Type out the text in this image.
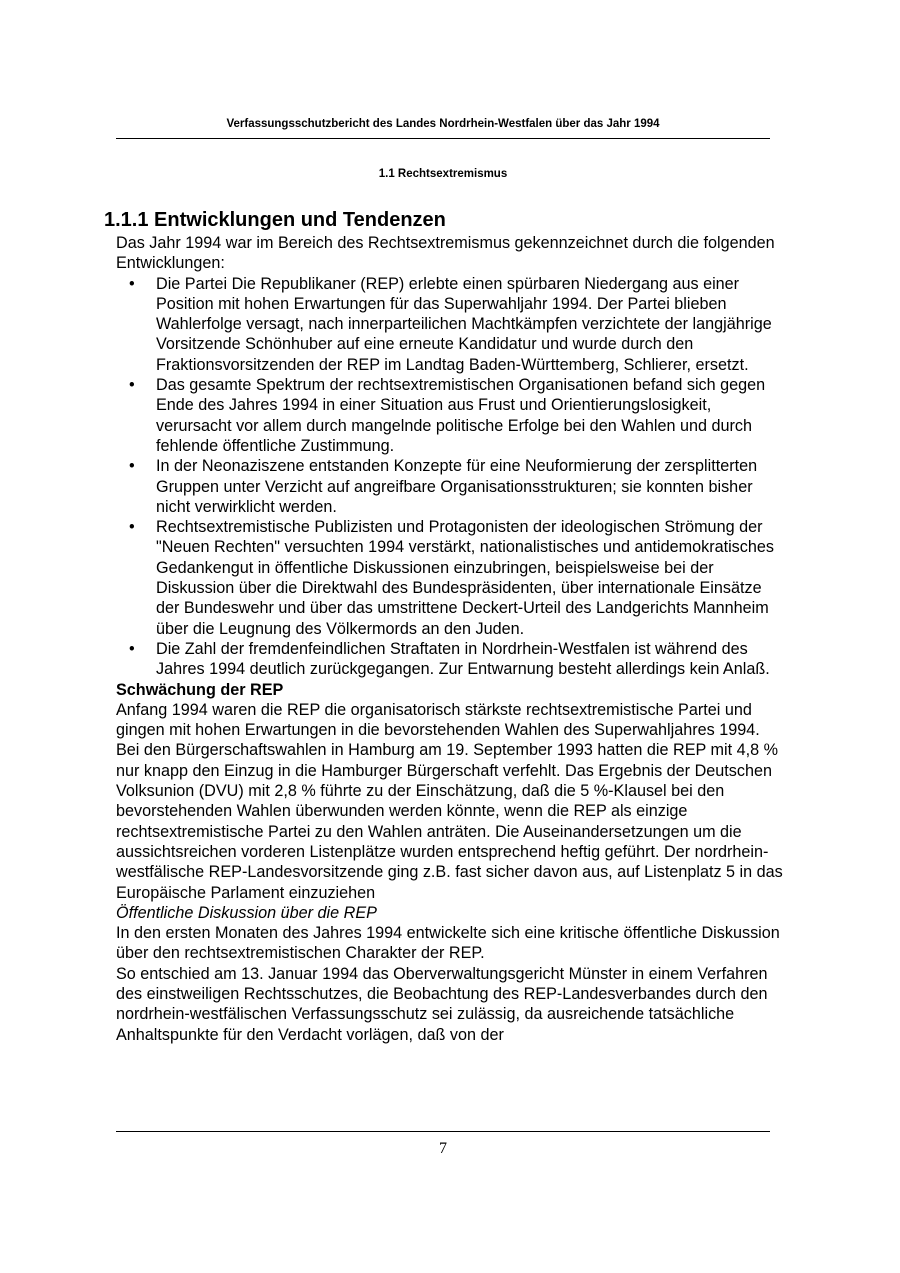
Verfassungsschutzbericht des Landes Nordrhein-Westfalen über das Jahr 1994
1.1 Rechtsextremismus
1.1.1 Entwicklungen und Tendenzen

Das Jahr 1994 war im Bereich des Rechtsextremismus gekennzeichnet durch die folgenden Entwicklungen:

• Die Partei Die Republikaner (REP) erlebte einen spürbaren Niedergang aus einer Position mit hohen Erwartungen für das Superwahljahr 1994. Der Partei blieben Wahlerfolge versagt, nach innerparteilichen Machtkämpfen verzichtete der langjährige Vorsitzende Schönhuber auf eine erneute Kandidatur und wurde durch den Fraktionsvorsitzenden der REP im Landtag Baden-Württemberg, Schlierer, ersetzt.
• Das gesamte Spektrum der rechtsextremistischen Organisationen befand sich gegen Ende des Jahres 1994 in einer Situation aus Frust und Orientierungslosigkeit, verursacht vor allem durch mangelnde politische Erfolge bei den Wahlen und durch fehlende öffentliche Zustimmung.
• In der Neonaziszene entstanden Konzepte für eine Neuformierung der zersplitterten Gruppen unter Verzicht auf angreifbare Organisationsstrukturen; sie konnten bisher nicht verwirklicht werden.
• Rechtsextremistische Publizisten und Protagonisten der ideologischen Strömung der "Neuen Rechten" versuchten 1994 verstärkt, nationalistisches und antidemokratisches Gedankengut in öffentliche Diskussionen einzubringen, beispielsweise bei der Diskussion über die Direktwahl des Bundespräsidenten, über internationale Einsätze der Bundeswehr und über das umstrittene Deckert-Urteil des Landgerichts Mannheim über die Leugnung des Völkermords an den Juden.
• Die Zahl der fremdenfeindlichen Straftaten in Nordrhein-Westfalen ist während des Jahres 1994 deutlich zurückgegangen. Zur Entwarnung besteht allerdings kein Anlaß.

Schwächung der REP

Anfang 1994 waren die REP die organisatorisch stärkste rechtsextremistische Partei und gingen mit hohen Erwartungen in die bevorstehenden Wahlen des Superwahljahres 1994. Bei den Bürgerschaftswahlen in Hamburg am 19. September 1993 hatten die REP mit 4,8 % nur knapp den Einzug in die Hamburger Bürgerschaft verfehlt. Das Ergebnis der Deutschen Volksunion (DVU) mit 2,8 % führte zu der Einschätzung, daß die 5 %-Klausel bei den bevorstehenden Wahlen überwunden werden könnte, wenn die REP als einzige rechtsextremistische Partei zu den Wahlen anträten. Die Auseinandersetzungen um die aussichtsreichen vorderen Listenplätze wurden entsprechend heftig geführt. Der nordrhein- westfälische REP-Landesvorsitzende ging z.B. fast sicher davon aus, auf Listenplatz 5 in das Europäische Parlament einzuziehen

Öffentliche Diskussion über die REP

In den ersten Monaten des Jahres 1994 entwickelte sich eine kritische öffentliche Diskussion über den rechtsextremistischen Charakter der REP.

So entschied am 13. Januar 1994 das Oberverwaltungsgericht Münster in einem Verfahren des einstweiligen Rechtsschutzes, die Beobachtung des REP-Landesverbandes durch den nordrhein-westfälischen Verfassungsschutz sei zulässig, da ausreichende tatsächliche Anhaltspunkte für den Verdacht vorlägen, daß von der

7
